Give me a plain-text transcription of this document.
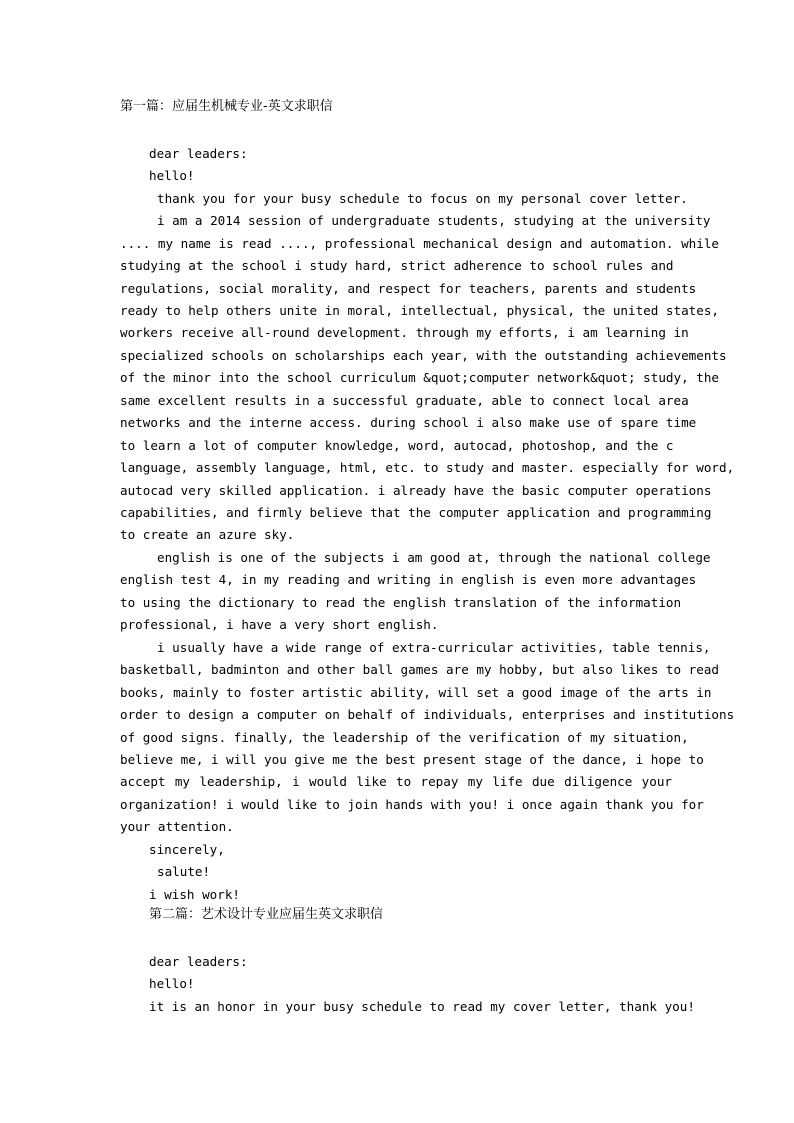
第一篇：应届生机械专业-英文求职信
dear leaders:
hello!
thank you for your busy schedule to focus on my personal cover letter.
i am a 2014 session of undergraduate students, studying at the university
.... my name is read ...., professional mechanical design and automation. while
studying at the school i study hard, strict adherence to school rules and
regulations, social morality, and respect for teachers, parents and students
ready to help others unite in moral, intellectual, physical, the united states,
workers receive all-round development. through my efforts, i am learning in
specialized schools on scholarships each year, with the outstanding achievements
of the minor into the school curriculum &quot;computer network&quot; study, the
same excellent results in a successful graduate, able to connect local area
networks and the interne access. during school i also make use of spare time
to learn a lot of computer knowledge, word, autocad, photoshop, and the c
language, assembly language, html, etc. to study and master. especially for word,
autocad very skilled application. i already have the basic computer operations
capabilities, and firmly believe that the computer application and programming
to create an azure sky.
english is one of the subjects i am good at, through the national college
english test 4, in my reading and writing in english is even more advantages
to using the dictionary to read the english translation of the information
professional, i have a very short english.
i usually have a wide range of extra-curricular activities, table tennis,
basketball, badminton and other ball games are my hobby, but also likes to read
books, mainly to foster artistic ability, will set a good image of the arts in
order to design a computer on behalf of individuals, enterprises and institutions
of good signs. finally, the leadership of the verification of my situation,
believe me, i will you give me the best present stage of the dance, i hope to
accept my leadership, i would like to repay my life due diligence your
organization! i would like to join hands with you! i once again thank you for
your attention.
sincerely,
salute!
i wish work!
第二篇：艺术设计专业应届生英文求职信
dear leaders:
hello!
it is an honor in your busy schedule to read my cover letter, thank you!
